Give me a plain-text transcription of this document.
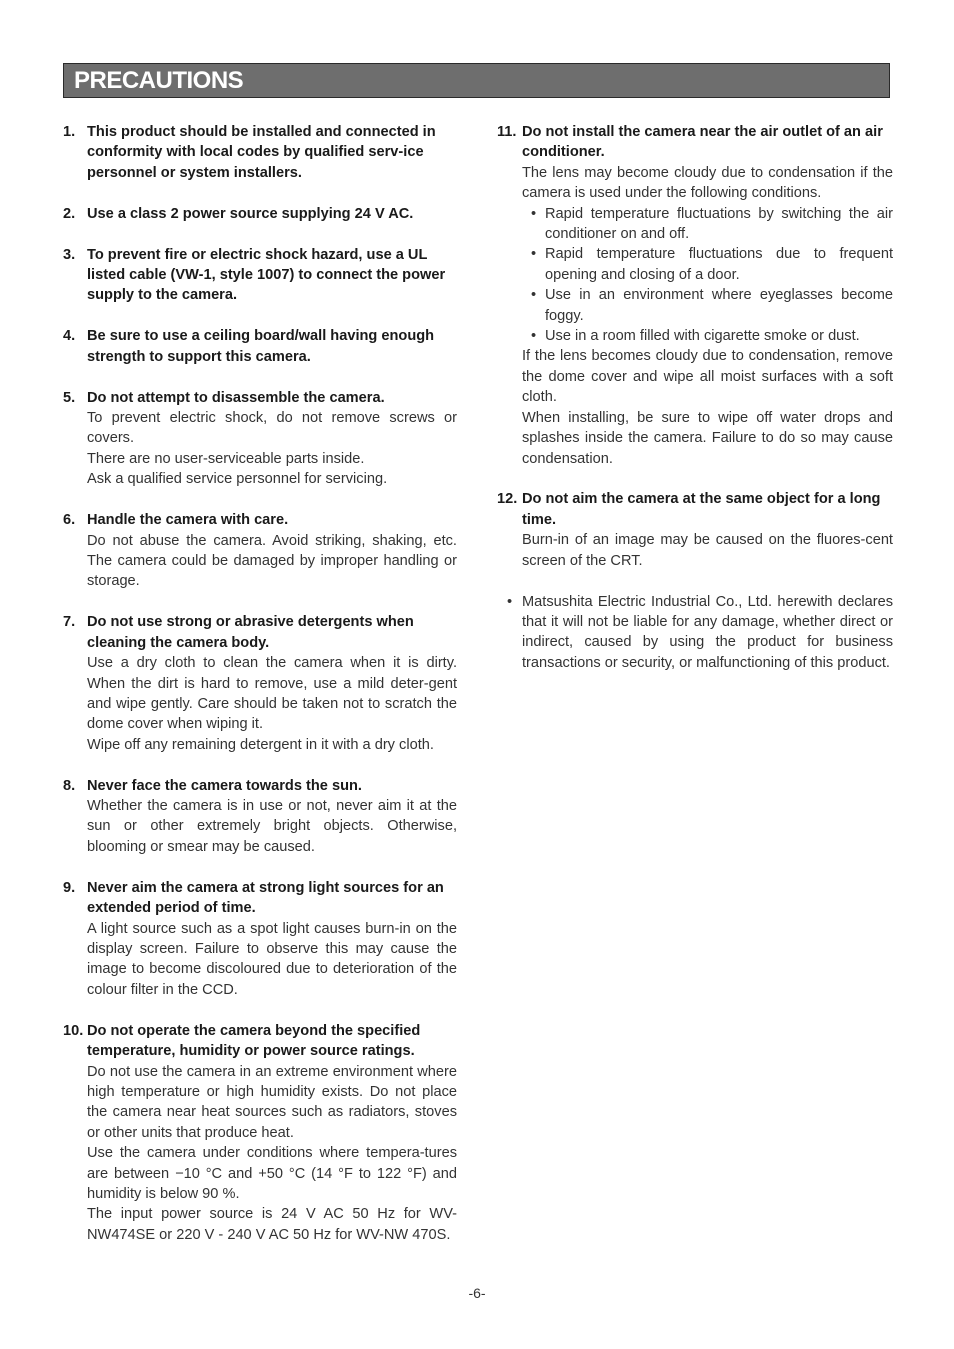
PRECAUTIONS
1. This product should be installed and connected in conformity with local codes by qualified serv-ice personnel or system installers.
2. Use a class 2 power source supplying 24 V AC.
3. To prevent fire or electric shock hazard, use a UL listed cable (VW-1, style 1007) to connect the power supply to the camera.
4. Be sure to use a ceiling board/wall having enough strength to support this camera.
5. Do not attempt to disassemble the camera.

To prevent electric shock, do not remove screws or covers.

There are no user-serviceable parts inside.

Ask a qualified service personnel for servicing.

6. Handle the camera with care.

Do not abuse the camera. Avoid striking, shaking, etc. The camera could be damaged by improper handling or storage.

7. Do not use strong or abrasive detergents when cleaning the camera body.

Use a dry cloth to clean the camera when it is dirty. When the dirt is hard to remove, use a mild deter-gent and wipe gently. Care should be taken not to scratch the dome cover when wiping it.

Wipe off any remaining detergent in it with a dry cloth.

8. Never face the camera towards the sun.

Whether the camera is in use or not, never aim it at the sun or other extremely bright objects. Otherwise, blooming or smear may be caused.

9. Never aim the camera at strong light sources for an extended period of time.

A light source such as a spot light causes burn-in on the display screen. Failure to observe this may cause the image to become discoloured due to deterioration of the colour filter in the CCD.

10. Do not operate the camera beyond the specified temperature, humidity or power source ratings.

Do not use the camera in an extreme environment where high temperature or high humidity exists. Do not place the camera near heat sources such as radiators, stoves or other units that produce heat.

Use the camera under conditions where tempera-tures are between −10 °C and +50 °C (14 °F to 122 °F) and humidity is below 90 %.

The input power source is 24 V AC 50 Hz for WV-NW474SE or 220 V - 240 V AC 50 Hz for WV-NW 470S.

11. Do not install the camera near the air outlet of an air conditioner.

The lens may become cloudy due to condensation if the camera is used under the following conditions.

• Rapid temperature fluctuations by switching the air conditioner on and off.
• Rapid temperature fluctuations due to frequent opening and closing of a door.
• Use in an environment where eyeglasses become foggy.
• Use in a room filled with cigarette smoke or dust.

If the lens becomes cloudy due to condensation, remove the dome cover and wipe all moist surfaces with a soft cloth.

When installing, be sure to wipe off water drops and splashes inside the camera. Failure to do so may cause condensation.

12. Do not aim the camera at the same object for a long time.

Burn-in of an image may be caused on the fluores-cent screen of the CRT.

• Matsushita Electric Industrial Co., Ltd. herewith declares that it will not be liable for any damage, whether direct or indirect, caused by using the product for business transactions or security, or malfunctioning of this product.
-6-
